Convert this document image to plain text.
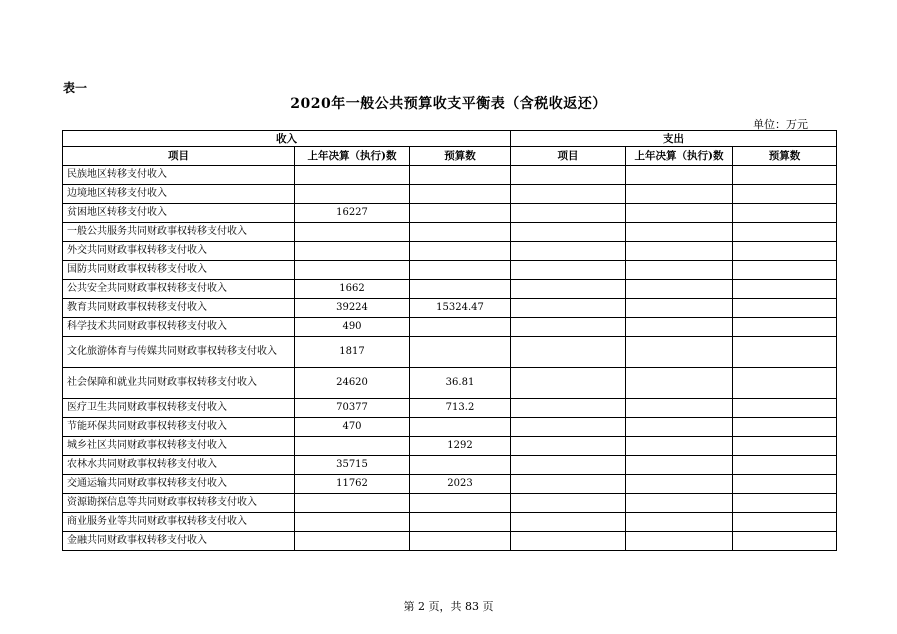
表一
2020年一般公共预算收支平衡表（含税收返还）
单位：万元
收入			支出		
项目	上年决算（执行)数	预算数	项目	上年决算（执行)数	预算数
民族地区转移支付收入					
边境地区转移支付收入					
贫困地区转移支付收入	16227				
一般公共服务共同财政事权转移支付收入					
外交共同财政事权转移支付收入					
国防共同财政事权转移支付收入					
公共安全共同财政事权转移支付收入	1662				
教育共同财政事权转移支付收入	39224	15324.47			
科学技术共同财政事权转移支付收入	490				
文化旅游体育与传媒共同财政事权转移支付收入	1817				
社会保障和就业共同财政事权转移支付收入	24620	36.81			
医疗卫生共同财政事权转移支付收入	70377	713.2			
节能环保共同财政事权转移支付收入	470				
城乡社区共同财政事权转移支付收入		1292			
农林水共同财政事权转移支付收入	35715				
交通运输共同财政事权转移支付收入	11762	2023			
资源勘探信息等共同财政事权转移支付收入					
商业服务业等共同财政事权转移支付收入					
金融共同财政事权转移支付收入					
第 2 页，共 83 页
